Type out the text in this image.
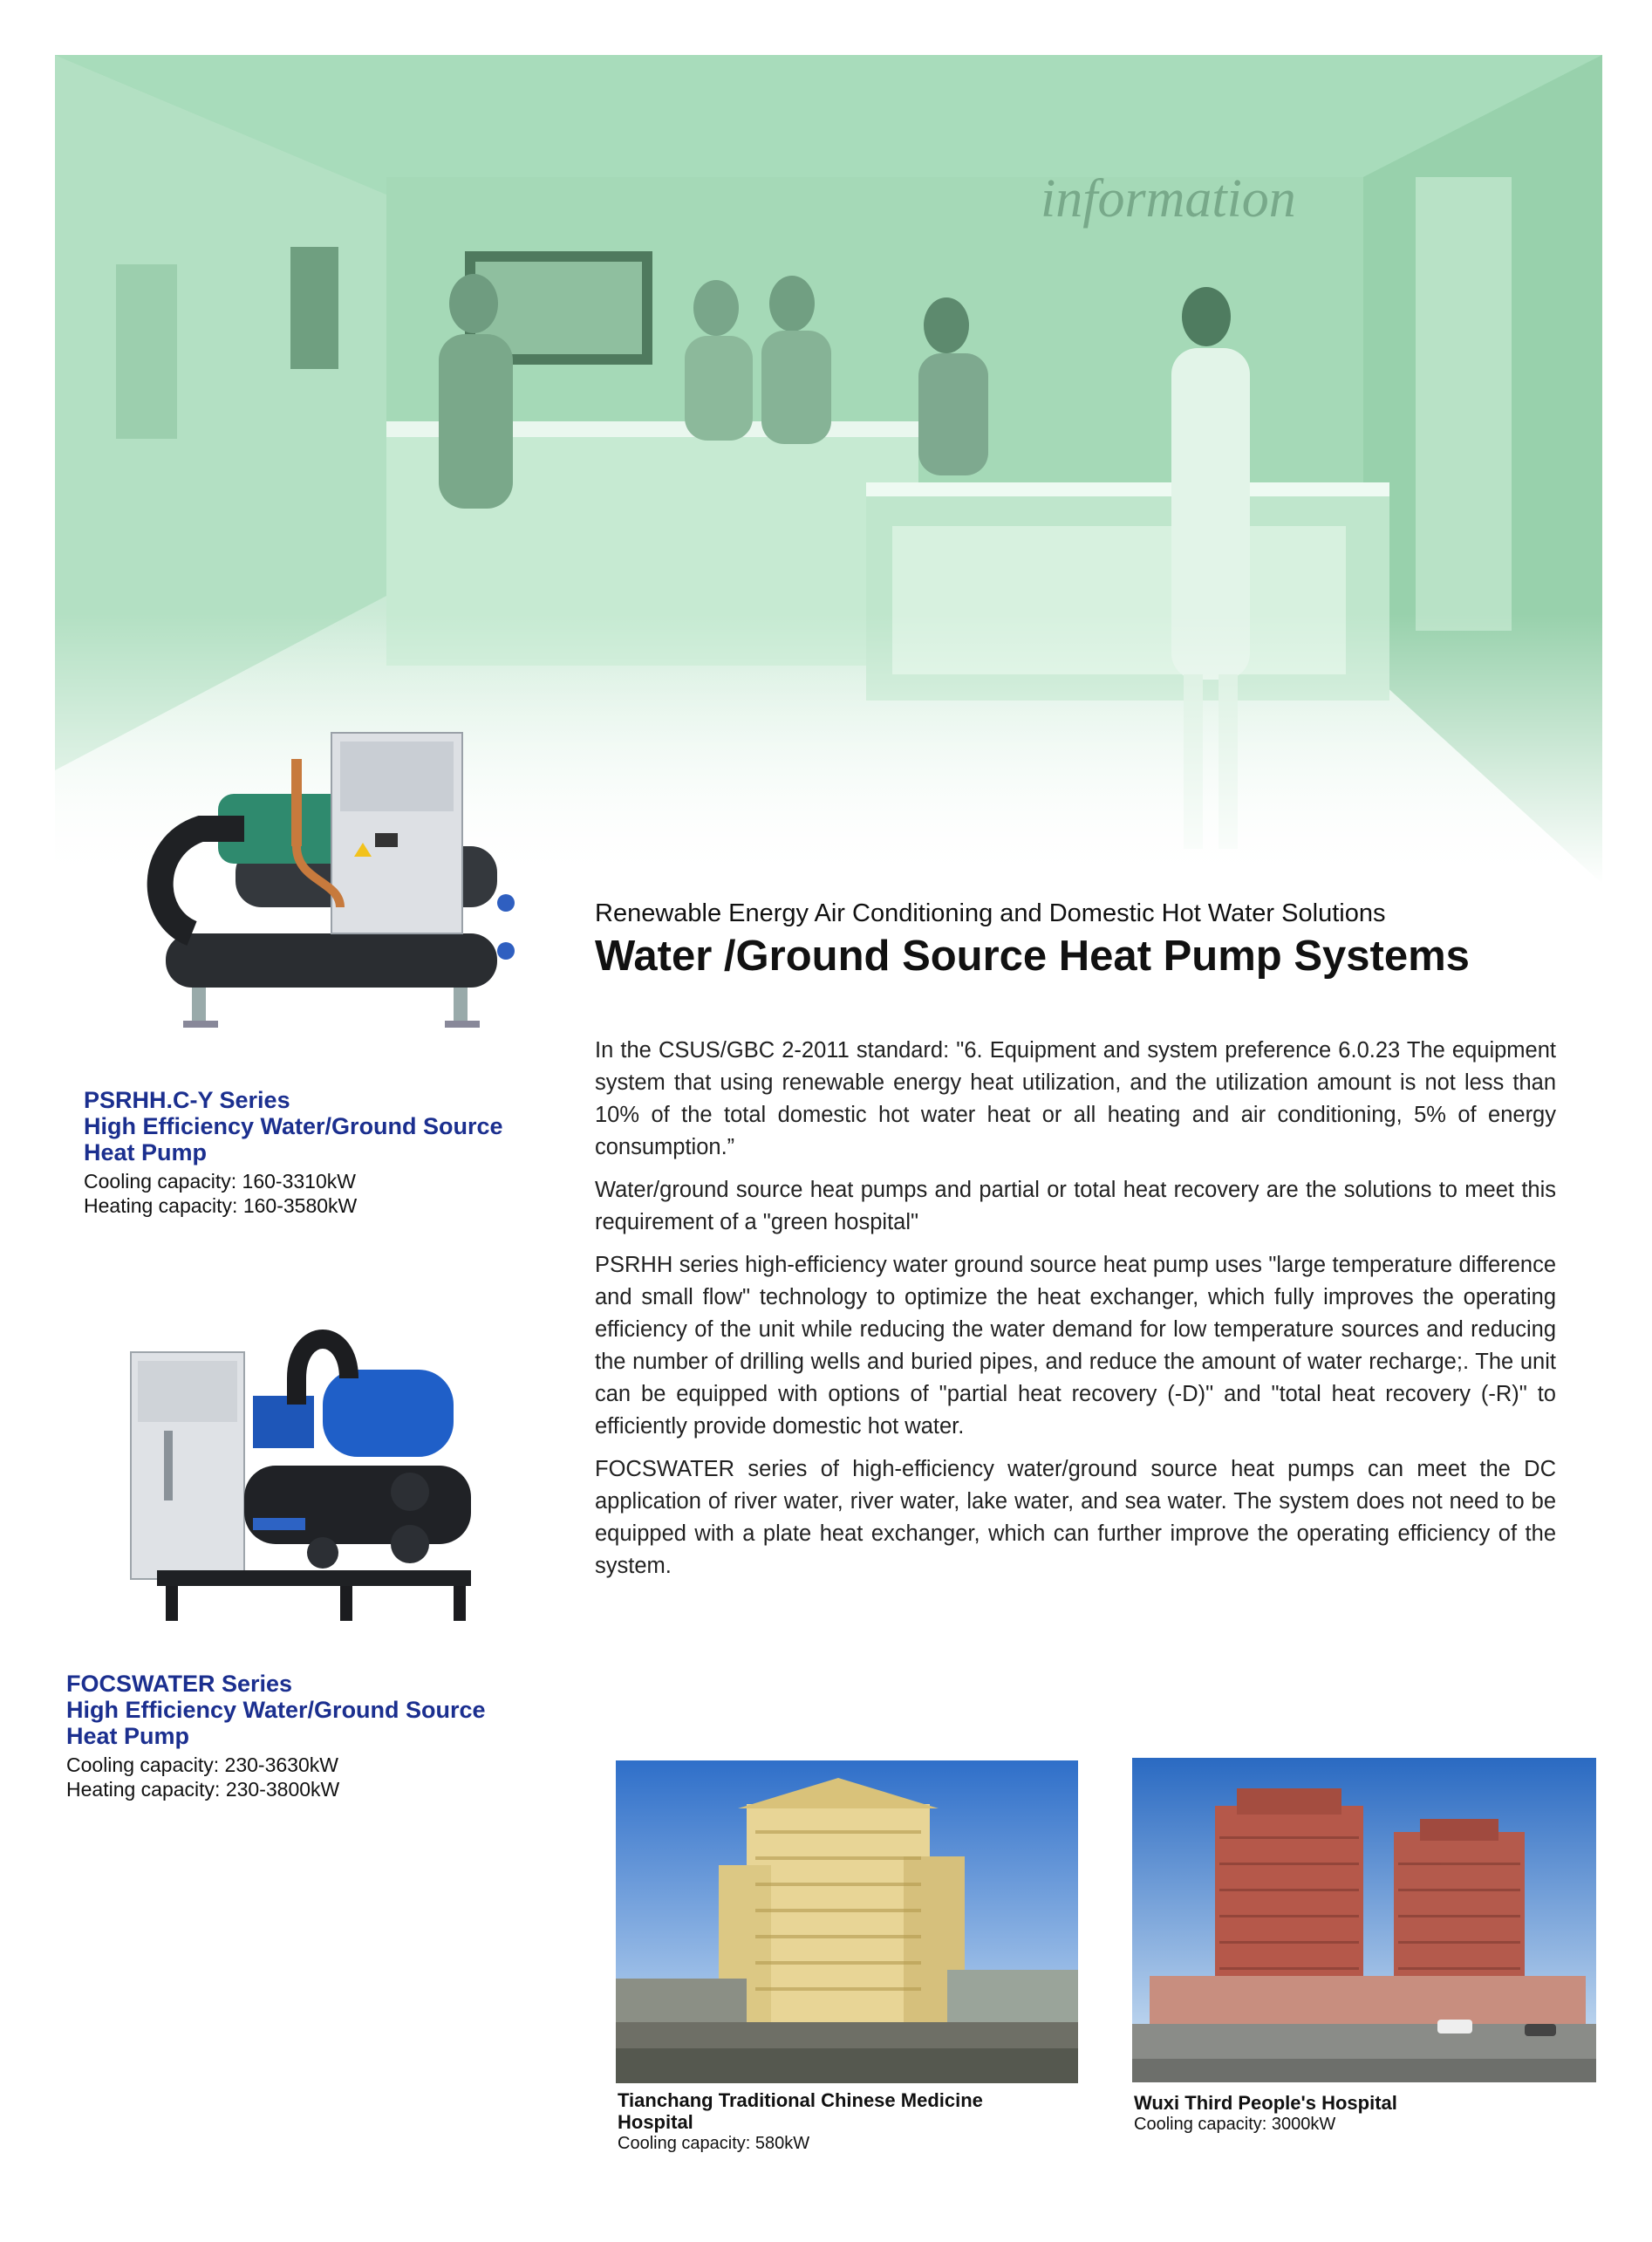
information
PSRHH.C-Y Series
High Efficiency Water/Ground Source
Heat Pump
Cooling capacity: 160-3310kW
Heating capacity: 160-3580kW
FOCSWATER Series
High Efficiency Water/Ground Source
Heat Pump
Cooling capacity: 230-3630kW
Heating capacity: 230-3800kW
Renewable Energy Air Conditioning and Domestic Hot Water Solutions
Water /Ground Source Heat Pump Systems

In the CSUS/GBC 2-2011 standard: "6. Equipment and system preference 6.0.23 The equipment system that using renewable energy heat utilization, and the utilization amount is not less than 10% of the total domestic hot water heat or all heating and air conditioning, 5% of energy consumption.”

Water/ground source heat pumps and partial or total heat recovery are the solutions to meet this requirement of a "green hospital"

PSRHH series high-efficiency water ground source heat pump uses "large temperature difference and small flow" technology to optimize the heat exchanger, which fully improves the operating efficiency of the unit while reducing the water demand for low temperature sources and reducing the number of drilling wells and buried pipes, and reduce the amount of water recharge;. The unit can be equipped with options of "partial heat recovery (-D)" and "total heat recovery (-R)" to efficiently provide domestic hot water.

FOCSWATER series of high-efficiency water/ground source heat pumps can meet the DC application of river water, river water, lake water, and sea water. The system does not need to be equipped with a plate heat exchanger, which can further improve the operating efficiency of the system.

Tianchang Traditional Chinese Medicine
Hospital
Cooling capacity: 580kW
Wuxi Third People's Hospital
Cooling capacity: 3000kW
